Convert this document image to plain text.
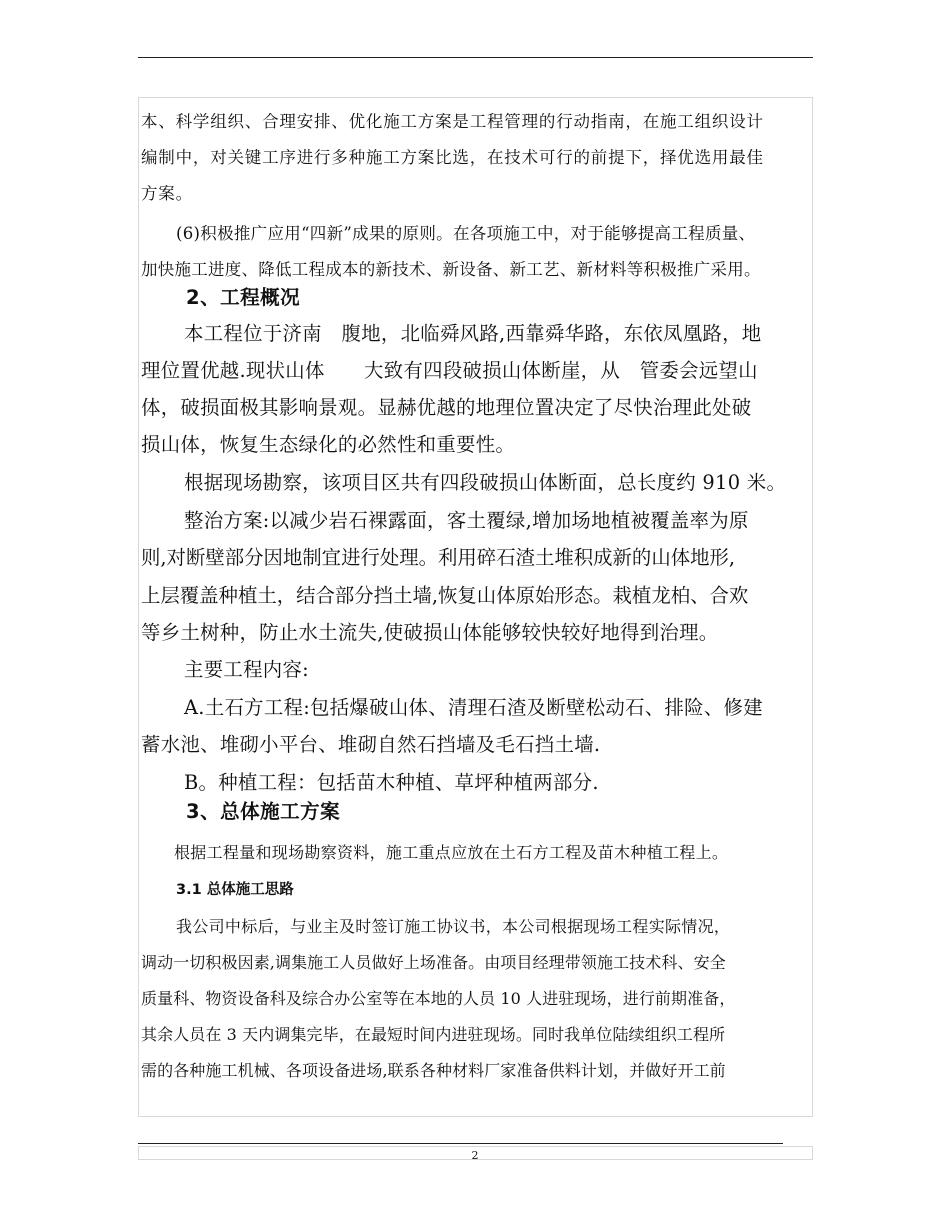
本、科学组织、合理安排、优化施工方案是工程管理的行动指南，在施工组织设计

编制中，对关键工序进行多种施工方案比选，在技术可行的前提下，择优选用最佳

方案。

(6)积极推广应用“四新”成果的原则。在各项施工中，对于能够提高工程质量、

加快施工进度、降低工程成本的新技术、新设备、新工艺、新材料等积极推广采用。

2、工程概况

本工程位于济南　腹地，北临舜风路,西靠舜华路，东依凤凰路，地

理位置优越.现状山体　　大致有四段破损山体断崖，从　管委会远望山

体，破损面极其影响景观。显赫优越的地理位置决定了尽快治理此处破

损山体，恢复生态绿化的必然性和重要性。

根据现场勘察，该项目区共有四段破损山体断面，总长度约 910 米。

整治方案:以减少岩石裸露面，客土覆绿,增加场地植被覆盖率为原

则,对断壁部分因地制宜进行处理。利用碎石渣土堆积成新的山体地形,

上层覆盖种植土，结合部分挡土墙,恢复山体原始形态。栽植龙柏、合欢

等乡土树种，防止水土流失,使破损山体能够较快较好地得到治理。

主要工程内容:

A.土石方工程:包括爆破山体、清理石渣及断壁松动石、排险、修建

蓄水池、堆砌小平台、堆砌自然石挡墙及毛石挡土墙.

B。种植工程：包括苗木种植、草坪种植两部分.

3、总体施工方案

根据工程量和现场勘察资料，施工重点应放在土石方工程及苗木种植工程上。

3.1 总体施工思路

我公司中标后，与业主及时签订施工协议书，本公司根据现场工程实际情况，

调动一切积极因素,调集施工人员做好上场准备。由项目经理带领施工技术科、安全

质量科、物资设备科及综合办公室等在本地的人员 10 人进驻现场，进行前期准备，

其余人员在 3 天内调集完毕，在最短时间内进驻现场。同时我单位陆续组织工程所

需的各种施工机械、各项设备进场,联系各种材料厂家准备供料计划，并做好开工前

2
